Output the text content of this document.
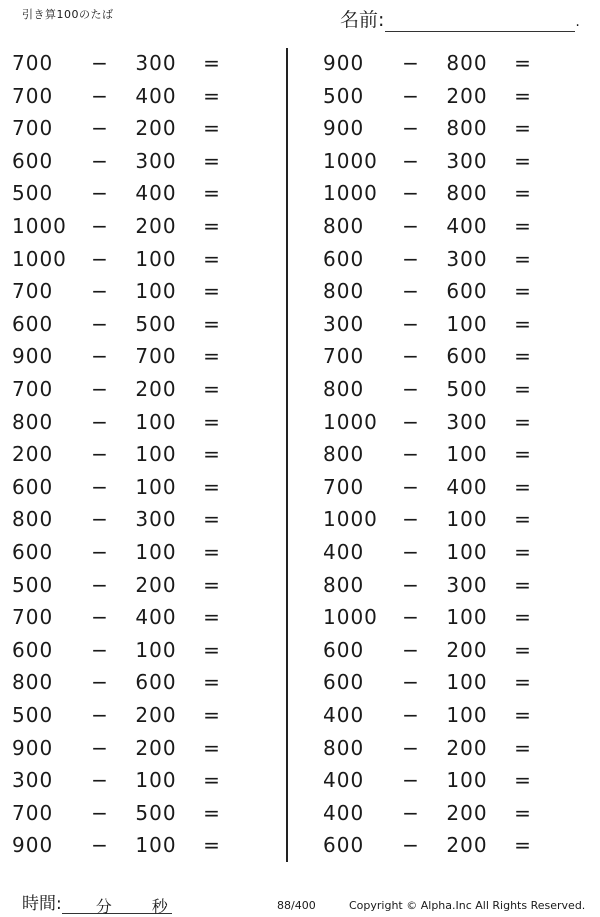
引き算100のたば	名前:	.
700	−	300	=
700	−	400	=
700	−	200	=
600	−	300	=
500	−	400	=
1000 −	200	=
1000 −	100	=
700	−	100	=
600	−	500	=
900	−	700	=
700	−	200	=
800	−	100	=
200	−	100	=
600	−	100	=
800	−	300	=
600	−	100	=
500	−	200	=
700	−	400	=
600	−	100	=
800	−	600	=
500	−	200	=
900	−	200	=
300	−	100	=
700	−	500	=
900	−	100	=
900	−	800	=
500	−	200	=
900	−	800	=
1000 −	300	=
1000 −	800	=
800	−	400	=
600	−	300	=
800	−	600	=
300	−	100	=
700	−	600	=
800	−	500	=
1000 −	300	=
800	−	100	=
700	−	400	=
1000 −	100	=
400	−	100	=
800	−	300	=
1000 −	100	=
600	−	200	=
600	−	100	=
400	−	100	=
800	−	200	=
400	−	100	=
400	−	200	=
600	−	200	=
時間: 分 秒	88/400	Copyright © Alpha.Inc All Rights Reserved.
